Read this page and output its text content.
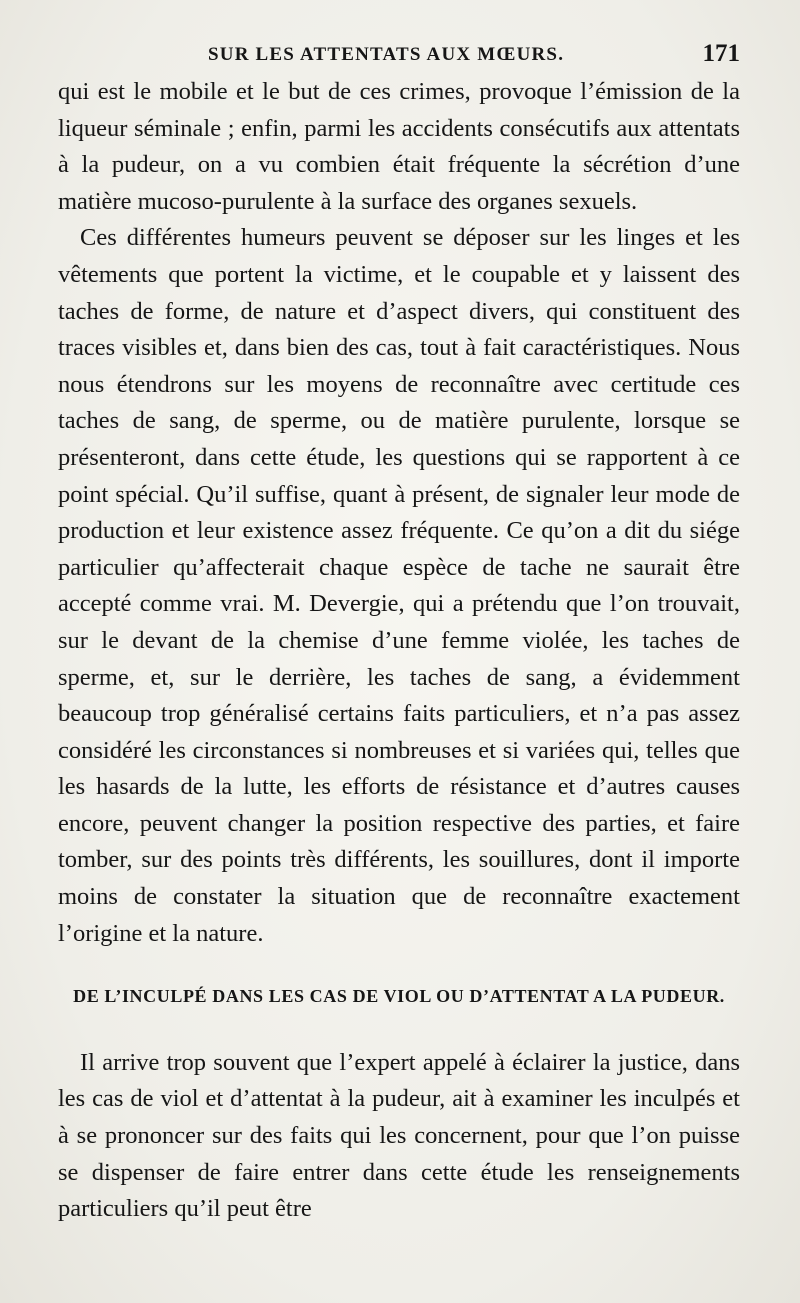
SUR LES ATTENTATS AUX MŒURS.	171

qui est le mobile et le but de ces crimes, provoque l’émission de la liqueur séminale ; enfin, parmi les accidents consécutifs aux attentats à la pudeur, on a vu combien était fréquente la sécrétion d’une matière mucoso-purulente à la surface des organes sexuels.

Ces différentes humeurs peuvent se déposer sur les linges et les vêtements que portent la victime, et le coupable et y laissent des taches de forme, de nature et d’aspect divers, qui constituent des traces visibles et, dans bien des cas, tout à fait caractéristiques. Nous nous étendrons sur les moyens de reconnaître avec certitude ces taches de sang, de sperme, ou de matière purulente, lorsque se présenteront, dans cette étude, les questions qui se rapportent à ce point spécial. Qu’il suffise, quant à présent, de signaler leur mode de production et leur existence assez fréquente. Ce qu’on a dit du siége particulier qu’affecterait chaque espèce de tache ne saurait être accepté comme vrai. M. Devergie, qui a prétendu que l’on trouvait, sur le devant de la chemise d’une femme violée, les taches de sperme, et, sur le derrière, les taches de sang, a évidemment beaucoup trop généralisé certains faits particuliers, et n’a pas assez considéré les circonstances si nombreuses et si variées qui, telles que les hasards de la lutte, les efforts de résistance et d’autres causes encore, peuvent changer la position respective des parties, et faire tomber, sur des points très différents, les souillures, dont il importe moins de constater la situation que de reconnaître exactement l’origine et la nature.

DE L’INCULPÉ DANS LES CAS DE VIOL OU D’ATTENTAT A LA PUDEUR.

Il arrive trop souvent que l’expert appelé à éclairer la justice, dans les cas de viol et d’attentat à la pudeur, ait à examiner les inculpés et à se prononcer sur des faits qui les concernent, pour que l’on puisse se dispenser de faire entrer dans cette étude les renseignements particuliers qu’il peut être
